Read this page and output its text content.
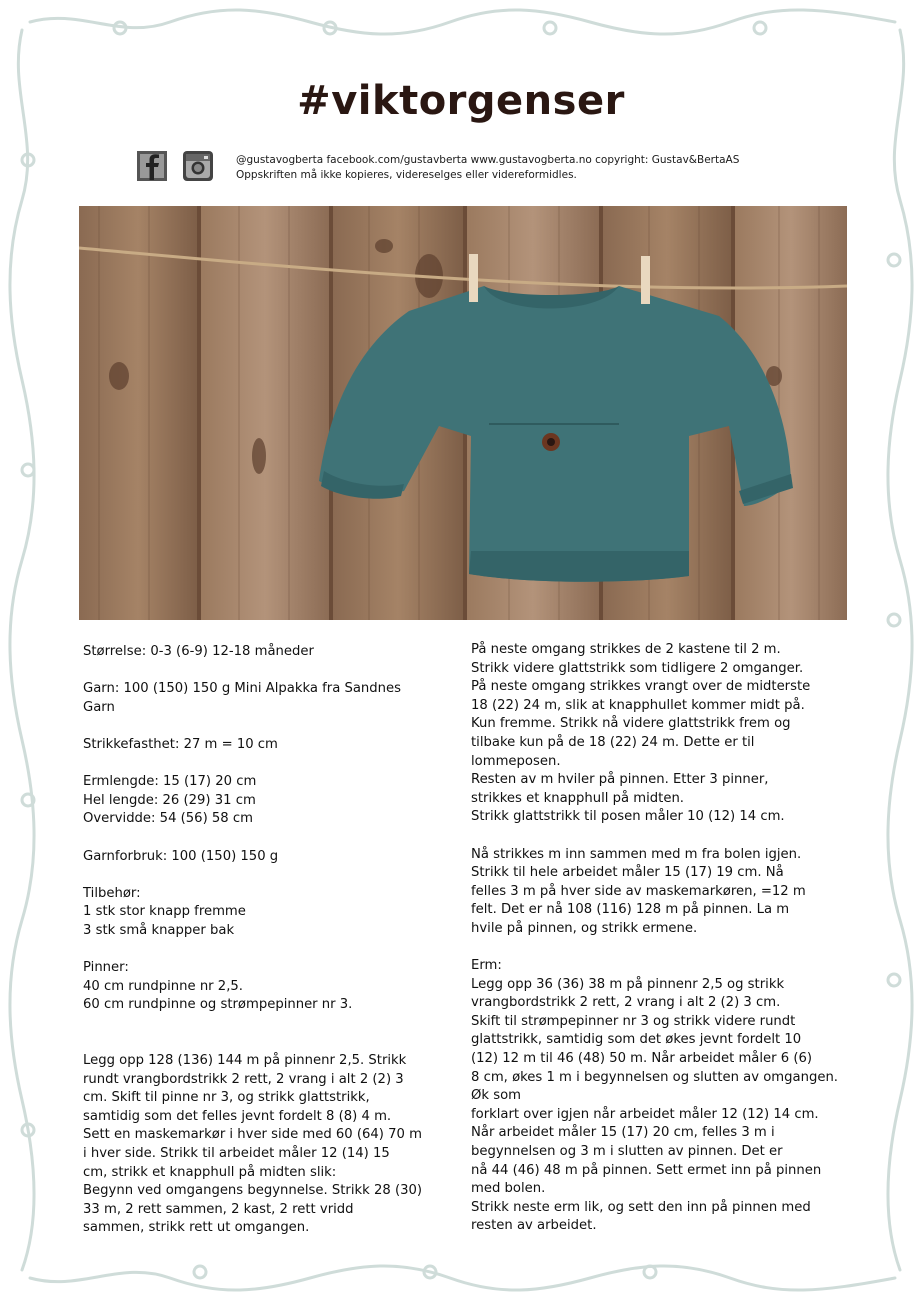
#viktorgenser
@gustavogberta facebook.com/gustavberta www.gustavogberta.no copyright: Gustav&BertaAS
Oppskriften må ikke kopieres, videreselges eller videreformidles.

Størrelse: 0-3 (6-9) 12-18 måneder

Garn: 100 (150) 150 g Mini Alpakka fra Sandnes
Garn

Strikkefasthet: 27 m = 10 cm

Ermlengde: 15 (17) 20 cm
Hel lengde: 26 (29) 31 cm
Overvidde: 54 (56) 58 cm

Garnforbruk: 100 (150) 150 g

Tilbehør:
1 stk stor knapp fremme
3 stk små knapper bak

Pinner:
40 cm rundpinne nr 2,5.
60 cm rundpinne og strømpepinner nr 3.

Legg opp 128 (136) 144 m på pinnenr 2,5. Strikk
rundt vrangbordstrikk 2 rett, 2 vrang i alt 2 (2) 3
cm. Skift til pinne nr 3, og strikk glattstrikk,
samtidig som det felles jevnt fordelt 8 (8) 4 m.
Sett en maskemarkør i hver side med 60 (64) 70 m
i hver side. Strikk til arbeidet måler 12 (14) 15
cm, strikk et knapphull på midten slik:
Begynn ved omgangens begynnelse. Strikk 28 (30)
33 m, 2 rett sammen, 2 kast, 2 rett vridd
sammen, strikk rett ut omgangen.

På neste omgang strikkes de 2 kastene til 2 m.
Strikk videre glattstrikk som tidligere 2 omganger.
På neste omgang strikkes vrangt over de midterste
18 (22) 24 m, slik at knapphullet kommer midt på.
Kun fremme. Strikk nå videre glattstrikk frem og
tilbake kun på de 18 (22) 24 m. Dette er til
lommeposen.
Resten av m hviler på pinnen. Etter 3 pinner,
strikkes et knapphull på midten.
Strikk glattstrikk til posen måler 10 (12) 14 cm.

Nå strikkes m inn sammen med m fra bolen igjen.
Strikk til hele arbeidet måler 15 (17) 19 cm. Nå
felles 3 m på hver side av maskemarkøren, =12 m
felt. Det er nå 108 (116) 128 m på pinnen. La m
hvile på pinnen, og strikk ermene.

Erm:
Legg opp 36 (36) 38 m på pinnenr 2,5 og strikk
vrangbordstrikk 2 rett, 2 vrang i alt 2 (2) 3 cm.
Skift til strømpepinner nr 3 og strikk videre rundt
glattstrikk, samtidig som det økes jevnt fordelt 10
(12) 12 m til 46 (48) 50 m. Når arbeidet måler 6 (6)
8 cm, økes 1 m i begynnelsen og slutten av omgangen.
Øk som
forklart over igjen når arbeidet måler 12 (12) 14 cm.
Når arbeidet måler 15 (17) 20 cm, felles 3 m i
begynnelsen og 3 m i slutten av pinnen. Det er
nå 44 (46) 48 m på pinnen. Sett ermet inn på pinnen
med bolen.
Strikk neste erm lik, og sett den inn på pinnen med
resten av arbeidet.
